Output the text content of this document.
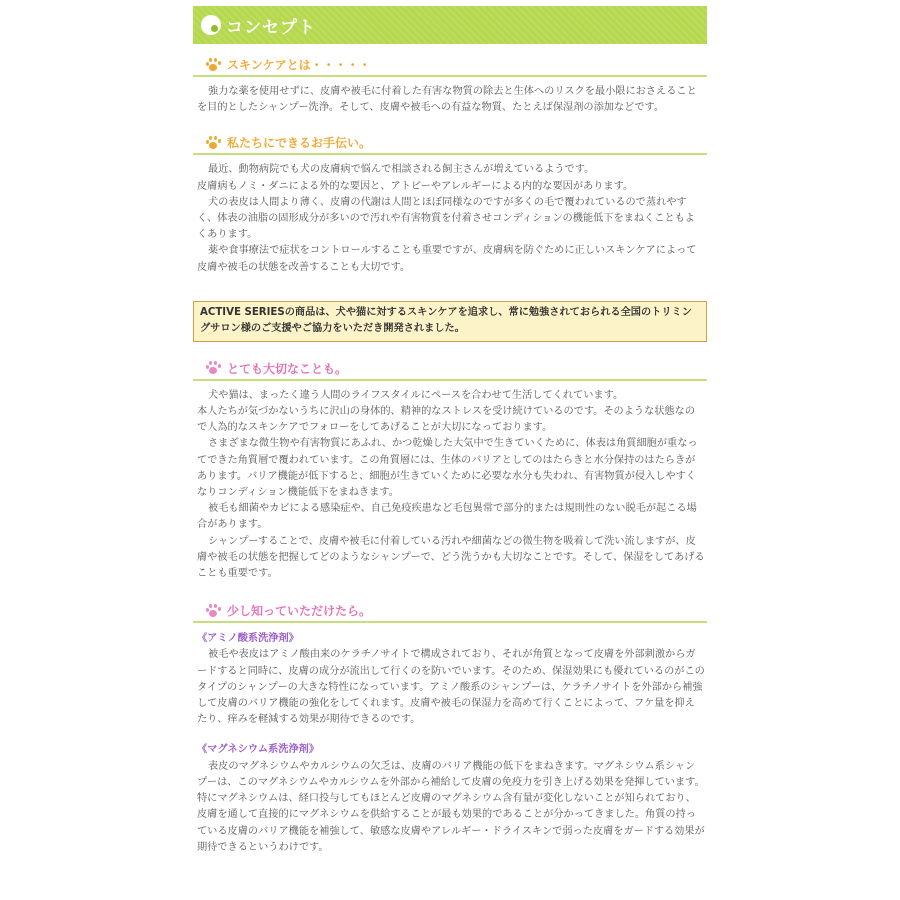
コンセプト
スキンケアとは・・・・・

強力な薬を使用せずに、皮膚や被毛に付着した有害な物質の除去と生体へのリスクを最小限におさえることを目的としたシャンプー洗浄。そして、皮膚や被毛への有益な物質、たとえば保湿剤の添加などです。

私たちにできるお手伝い。

最近、動物病院でも犬の皮膚病で悩んで相談される飼主さんが増えているようです。

皮膚病もノミ・ダニによる外的な要因と、アトピーやアレルギーによる内的な要因があります。

犬の表皮は人間より薄く、皮膚の代謝は人間とほぼ同様なのですが多くの毛で覆われているので蒸れやすく、体表の油脂の固形成分が多いので汚れや有害物質を付着させコンディションの機能低下をまねくこともよくあります。

薬や食事療法で症状をコントロールすることも重要ですが、皮膚病を防ぐために正しいスキンケアによって皮膚や被毛の状態を改善することも大切です。

ACTIVE SERIESの商品は、犬や猫に対するスキンケアを追求し、常に勉強されておられる全国のトリミングサロン様のご支援やご協力をいただき開発されました。
とても大切なことも。

犬や猫は、まったく違う人間のライフスタイルにペースを合わせて生活してくれています。

本人たちが気づかないうちに沢山の身体的、精神的なストレスを受け続けているのです。そのような状態なので人為的なスキンケアでフォローをしてあげることが大切になっております。

さまざまな微生物や有害物質にあふれ、かつ乾燥した大気中で生きていくために、体表は角質細胞が重なってできた角質層で覆われています。この角質層には、生体のバリアとしてのはたらきと水分保持のはたらきがあります。バリア機能が低下すると、細胞が生きていくために必要な水分も失われ、有害物質が侵入しやすくなりコンディション機能低下をまねきます。

被毛も細菌やカビによる感染症や、自己免疫疾患など毛包異常で部分的または規則性のない脱毛が起こる場合があります。

シャンプーすることで、皮膚や被毛に付着している汚れや細菌などの微生物を吸着して洗い流しますが、皮膚や被毛の状態を把握してどのようなシャンプーで、どう洗うかも大切なことです。そして、保湿をしてあげることも重要です。

少し知っていただけたら。

《アミノ酸系洗浄剤》

被毛や表皮はアミノ酸由来のケラチノサイトで構成されており、それが角質となって皮膚を外部刺激からガードすると同時に、皮膚の成分が流出して行くのを防いでいます。そのため、保湿効果にも優れているのがこのタイプのシャンプーの大きな特性になっています。アミノ酸系のシャンプーは、ケラチノサイトを外部から補強して皮膚のバリア機能の強化をしてくれます。皮膚や被毛の保湿力を高めて行くことによって、フケ量を抑えたり、痒みを軽減する効果が期待できるのです。

《マグネシウム系洗浄剤》

表皮のマグネシウムやカルシウムの欠乏は、皮膚のバリア機能の低下をまねきます。マグネシウム系シャンプーは、このマグネシウムやカルシウムを外部から補給して皮膚の免疫力を引き上げる効果を発揮しています。特にマグネシウムは、経口投与してもほとんど皮膚のマグネシウム含有量が変化しないことが知られており、皮膚を通して直接的にマグネシウムを供給することが最も効果的であることが分かってきました。角質の持っている皮膚のバリア機能を補強して、敏感な皮膚やアレルギー・ドライスキンで弱った皮膚をガードする効果が期待できるというわけです。
